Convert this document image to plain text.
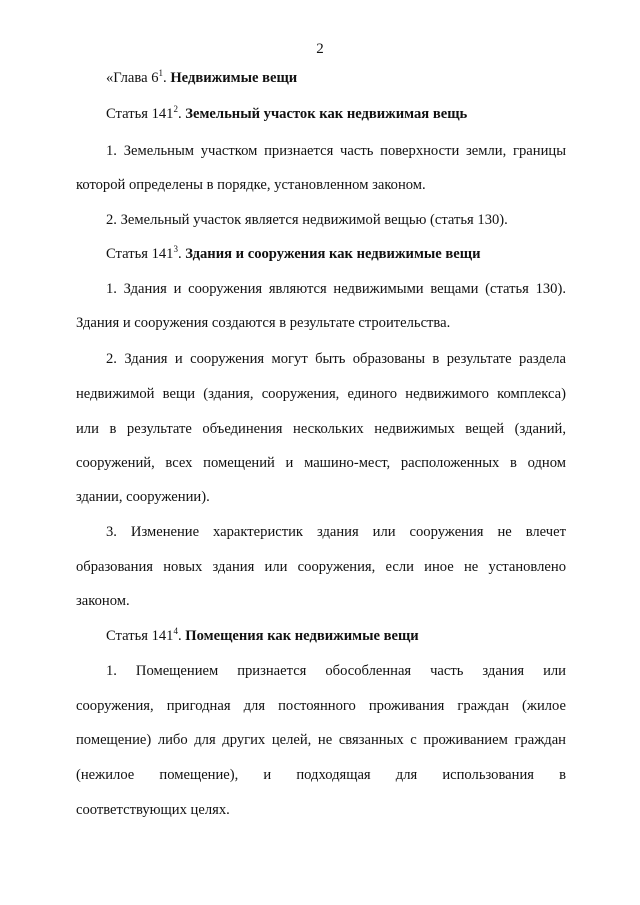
2
«Глава $6^1$. Недвижимые вещи
Статья $141^2$. Земельный участок как недвижимая вещь
1. Земельным участком признается часть поверхности земли, границы
которой определены в порядке, установленном законом.
2. Земельный участок является недвижимой вещью (статья 130).
Статья $141^3$. Здания и сооружения как недвижимые вещи
1. Здания и сооружения являются недвижимыми вещами (статья 130).
Здания и сооружения создаются в результате строительства.
2. Здания и сооружения могут быть образованы в результате раздела
недвижимой вещи (здания, сооружения, единого недвижимого комплекса)
или в результате объединения нескольких недвижимых вещей (зданий,
сооружений, всех помещений и машино-мест, расположенных в одном
здании, сооружении).
3. Изменение характеристик здания или сооружения не влечет
образования новых здания или сооружения, если иное не установлено
законом.
Статья $141^4$. Помещения как недвижимые вещи
1. Помещением признается обособленная часть здания или
сооружения, пригодная для постоянного проживания граждан (жилое
помещение) либо для других целей, не связанных с проживанием граждан
(нежилое помещение), и подходящая для использования в
соответствующих целях.
